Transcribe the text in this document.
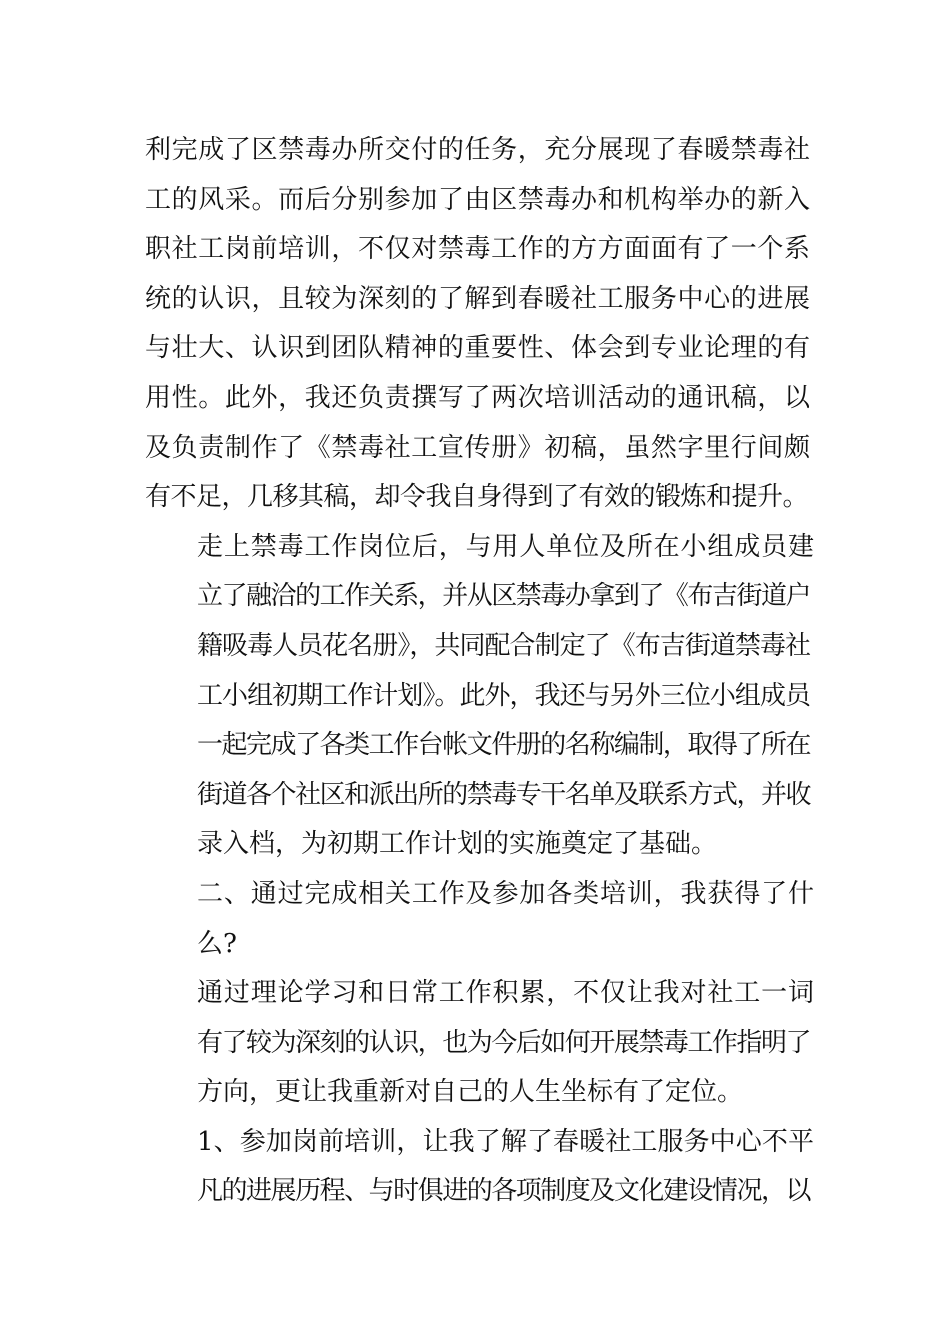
利完成了区禁毒办所交付的任务，充分展现了春暖禁毒社
工的风采。而后分别参加了由区禁毒办和机构举办的新入
职社工岗前培训，不仅对禁毒工作的方方面面有了一个系
统的认识，且较为深刻的了解到春暖社工服务中心的进展
与壮大、认识到团队精神的重要性、体会到专业论理的有
用性。此外，我还负责撰写了两次培训活动的通讯稿，以
及负责制作了《禁毒社工宣传册》初稿，虽然字里行间颇
有不足，几移其稿，却令我自身得到了有效的锻炼和提升。

走上禁毒工作岗位后，与用人单位及所在小组成员建
立了融洽的工作关系，并从区禁毒办拿到了《布吉街道户
籍吸毒人员花名册》，共同配合制定了《布吉街道禁毒社
工小组初期工作计划》。此外，我还与另外三位小组成员
一起完成了各类工作台帐文件册的名称编制，取得了所在
街道各个社区和派出所的禁毒专干名单及联系方式，并收
录入档，为初期工作计划的实施奠定了基础。

二、通过完成相关工作及参加各类培训，我获得了什
么?

通过理论学习和日常工作积累，不仅让我对社工一词
有了较为深刻的认识，也为今后如何开展禁毒工作指明了
方向，更让我重新对自己的人生坐标有了定位。

1、参加岗前培训，让我了解了春暖社工服务中心不平
凡的进展历程、与时俱进的各项制度及文化建设情况，以
